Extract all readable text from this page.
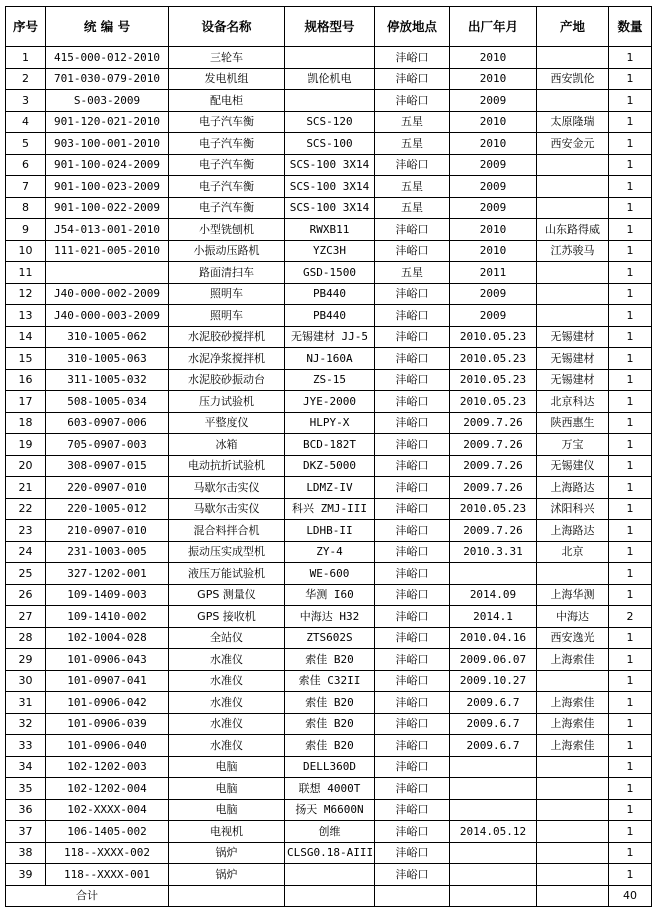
序号	统 编 号	设备名称	规格型号	停放地点	出厂年月	产地	数量
1	415-000-012-2010	三轮车		沣峪口	2010		1
2	701-030-079-2010	发电机组	凯伦机电	沣峪口	2010	西安凯伦	1
3	S-003-2009	配电柜		沣峪口	2009		1
4	901-120-021-2010	电子汽车衡	SCS-120	五星	2010	太原隆瑞	1
5	903-100-001-2010	电子汽车衡	SCS-100	五星	2010	西安金元	1
6	901-100-024-2009	电子汽车衡	SCS-100 3X14	沣峪口	2009		1
7	901-100-023-2009	电子汽车衡	SCS-100 3X14	五星	2009		1
8	901-100-022-2009	电子汽车衡	SCS-100 3X14	五星	2009		1
9	J54-013-001-2010	小型铣刨机	RWXB11	沣峪口	2010	山东路得威	1
10	111-021-005-2010	小振动压路机	YZC3H	沣峪口	2010	江苏骏马	1
11		路面清扫车	GSD-1500	五星	2011		1
12	J40-000-002-2009	照明车	PB440	沣峪口	2009		1
13	J40-000-003-2009	照明车	PB440	沣峪口	2009		1
14	310-1005-062	水泥胶砂搅拌机	无锡建材 JJ-5	沣峪口	2010.05.23	无锡建材	1
15	310-1005-063	水泥净浆搅拌机	NJ-160A	沣峪口	2010.05.23	无锡建材	1
16	311-1005-032	水泥胶砂振动台	ZS-15	沣峪口	2010.05.23	无锡建材	1
17	508-1005-034	压力试验机	JYE-2000	沣峪口	2010.05.23	北京科达	1
18	603-0907-006	平整度仪	HLPY-X	沣峪口	2009.7.26	陕西惠生	1
19	705-0907-003	冰箱	BCD-182T	沣峪口	2009.7.26	万宝	1
20	308-0907-015	电动抗折试验机	DKZ-5000	沣峪口	2009.7.26	无锡建仪	1
21	220-0907-010	马歇尔击实仪	LDMZ-IV	沣峪口	2009.7.26	上海路达	1
22	220-1005-012	马歇尔击实仪	科兴 ZMJ-III	沣峪口	2010.05.23	沭阳科兴	1
23	210-0907-010	混合料拌合机	LDHB-II	沣峪口	2009.7.26	上海路达	1
24	231-1003-005	振动压实成型机	ZY-4	沣峪口	2010.3.31	北京	1
25	327-1202-001	液压万能试验机	WE-600	沣峪口			1
26	109-1409-003	GPS 测量仪	华测 I60	沣峪口	2014.09	上海华测	1
27	109-1410-002	GPS 接收机	中海达 H32	沣峪口	2014.1	中海达	2
28	102-1004-028	全站仪	ZTS602S	沣峪口	2010.04.16	西安逸光	1
29	101-0906-043	水准仪	索佳 B20	沣峪口	2009.06.07	上海索佳	1
30	101-0907-041	水准仪	索佳 C32II	沣峪口	2009.10.27		1
31	101-0906-042	水准仪	索佳 B20	沣峪口	2009.6.7	上海索佳	1
32	101-0906-039	水准仪	索佳 B20	沣峪口	2009.6.7	上海索佳	1
33	101-0906-040	水准仪	索佳 B20	沣峪口	2009.6.7	上海索佳	1
34	102-1202-003	电脑	DELL360D	沣峪口			1
35	102-1202-004	电脑	联想 4000T	沣峪口			1
36	102-XXXX-004	电脑	扬天 M6600N	沣峪口			1
37	106-1405-002	电视机	创维	沣峪口	2014.05.12		1
38	118--XXXX-002	锅炉	CLSG0.18-AIII	沣峪口			1
39	118--XXXX-001	锅炉		沣峪口			1
合计							40
